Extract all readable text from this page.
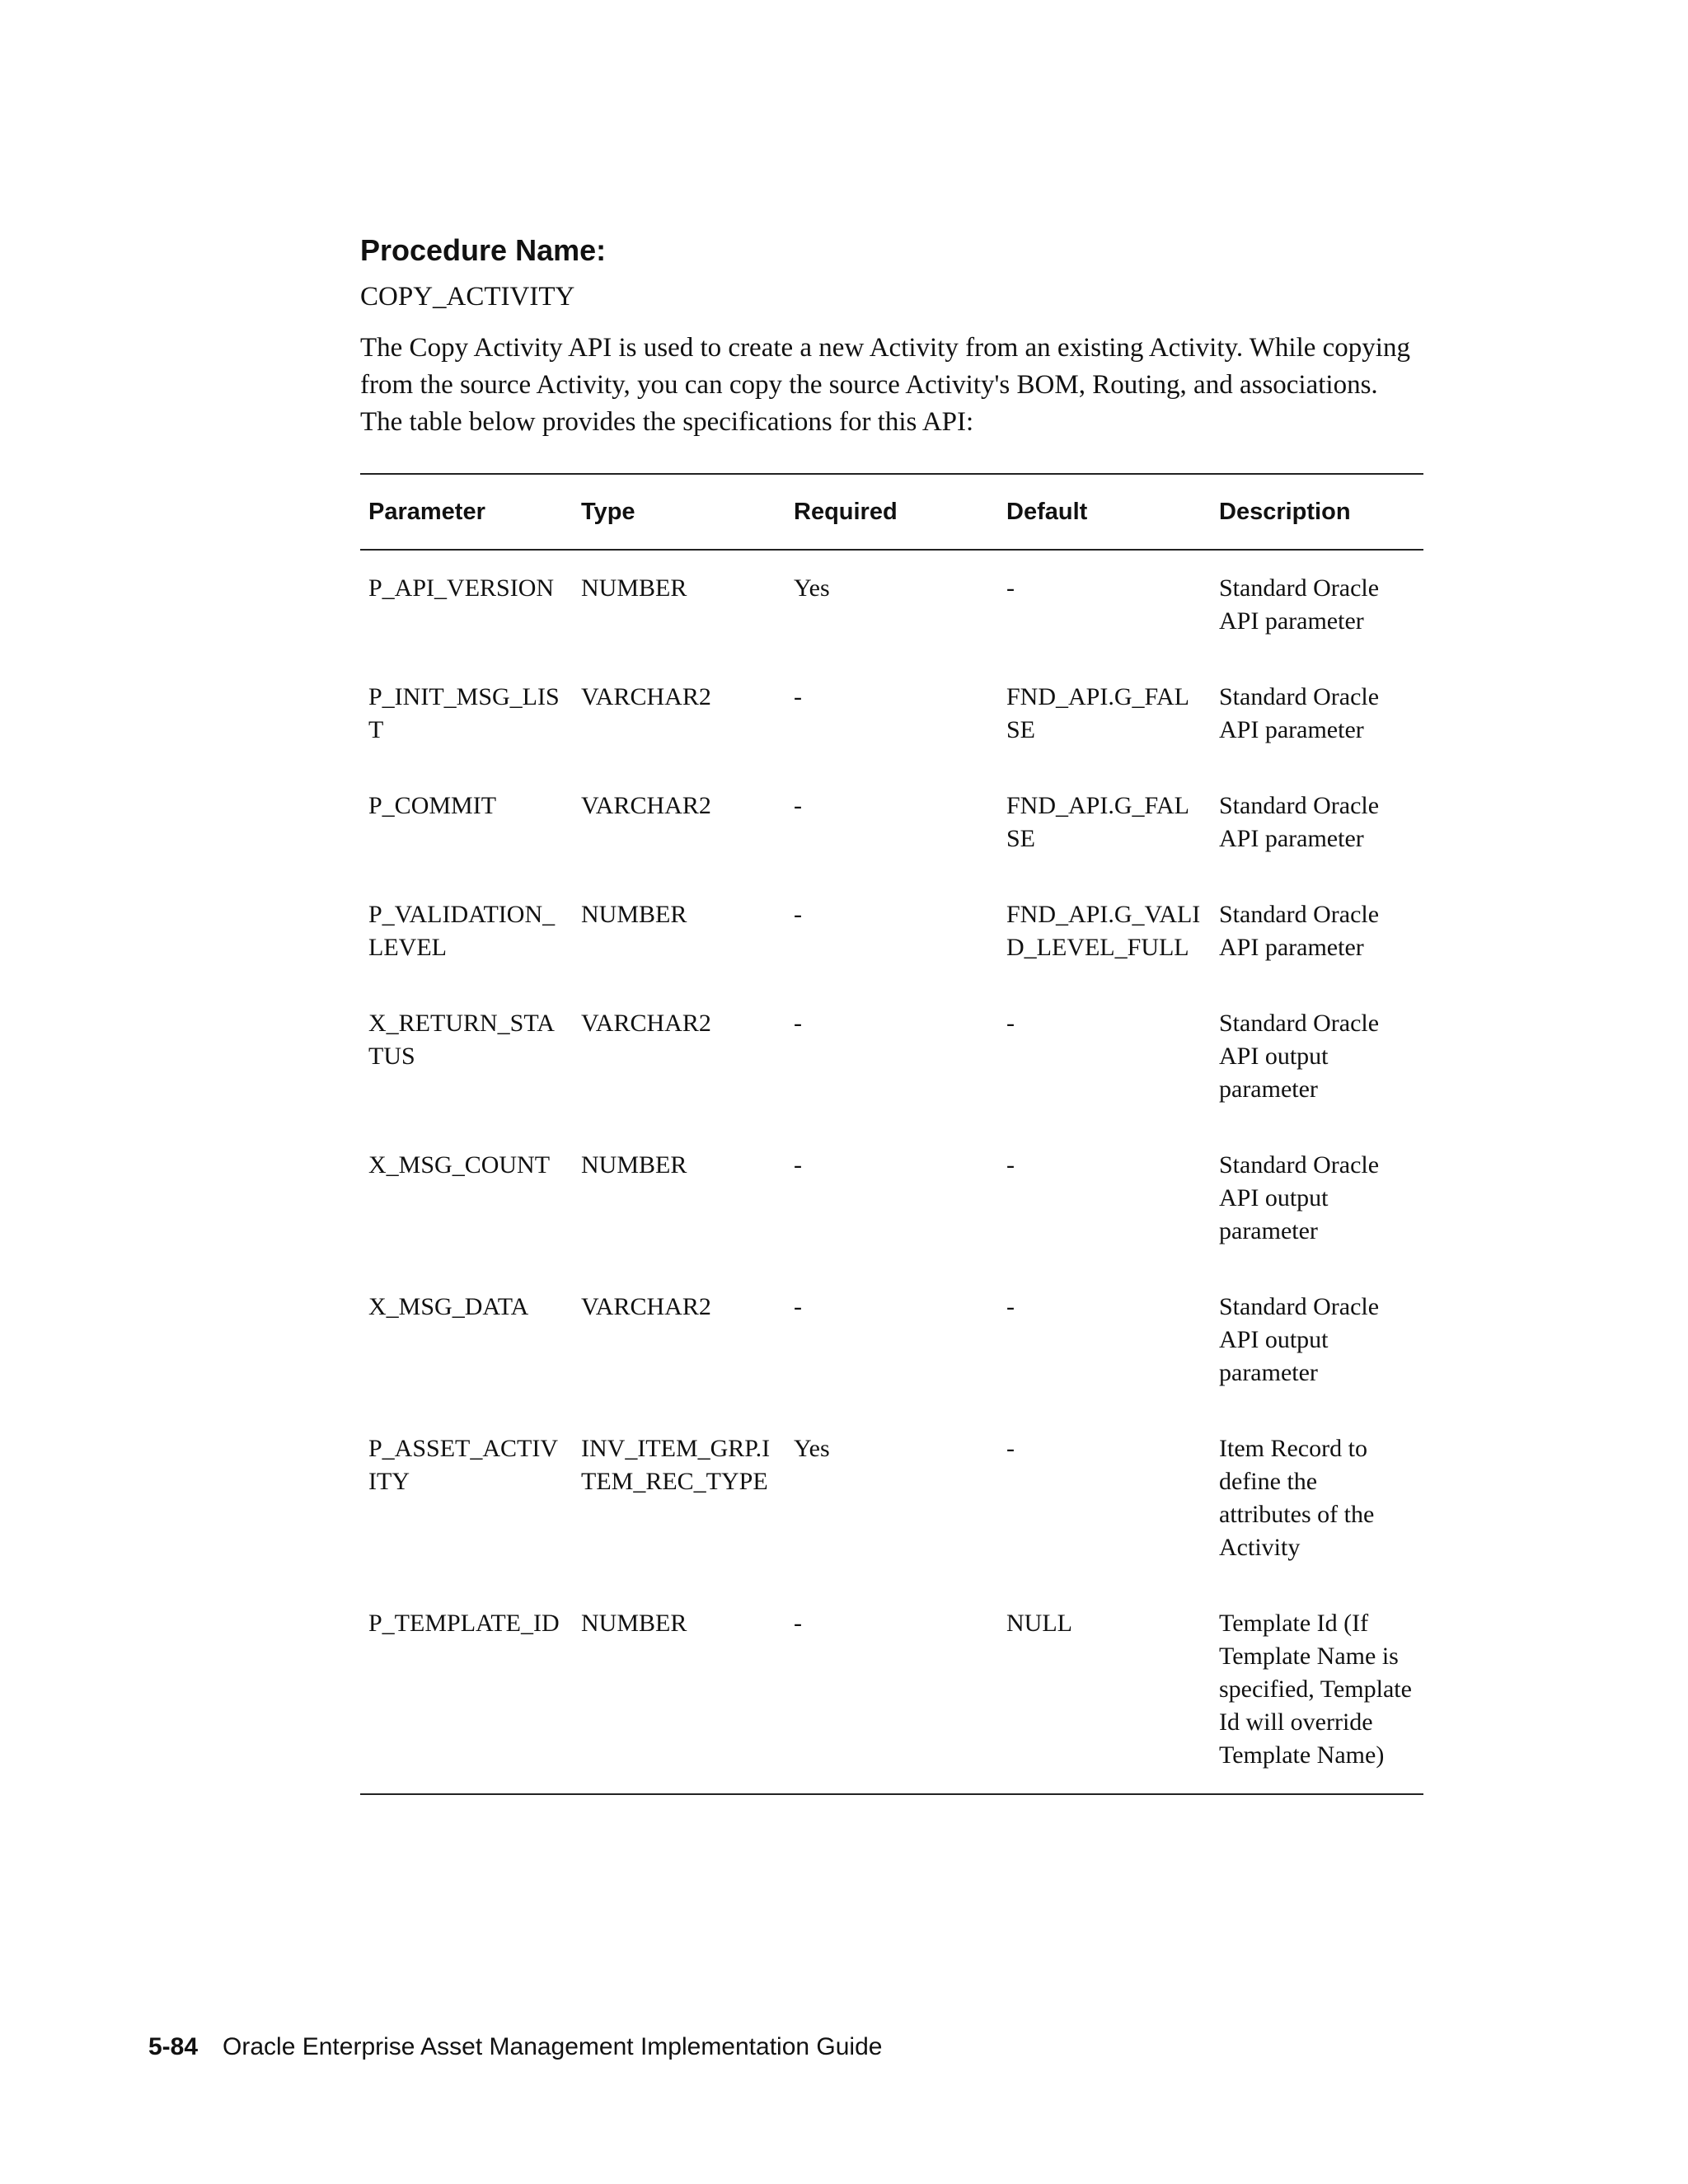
Procedure Name:

COPY_ACTIVITY

The Copy Activity API is used to create a new Activity from an existing Activity. While copying from the source Activity, you can copy the source Activity's BOM, Routing, and associations. The table below provides the specifications for this API:

Parameter	Type	Required	Default	Description
P_API_VERSION	NUMBER	Yes	-	Standard Oracle API parameter
P_INIT_MSG_LIST	VARCHAR2	-	FND_API.G_FALSE	Standard Oracle API parameter
P_COMMIT	VARCHAR2	-	FND_API.G_FALSE	Standard Oracle API parameter
P_VALIDATION_LEVEL	NUMBER	-	FND_API.G_VALID_LEVEL_FULL	Standard Oracle API parameter
X_RETURN_STATUS	VARCHAR2	-	-	Standard Oracle API output parameter
X_MSG_COUNT	NUMBER	-	-	Standard Oracle API output parameter
X_MSG_DATA	VARCHAR2	-	-	Standard Oracle API output parameter
P_ASSET_ACTIVITY	INV_ITEM_GRP.ITEM_REC_TYPE	Yes	-	Item Record to define the attributes of the Activity
P_TEMPLATE_ID	NUMBER	-	NULL	Template Id (If Template Name is specified, Template Id will override Template Name)
5-84 Oracle Enterprise Asset Management Implementation Guide
